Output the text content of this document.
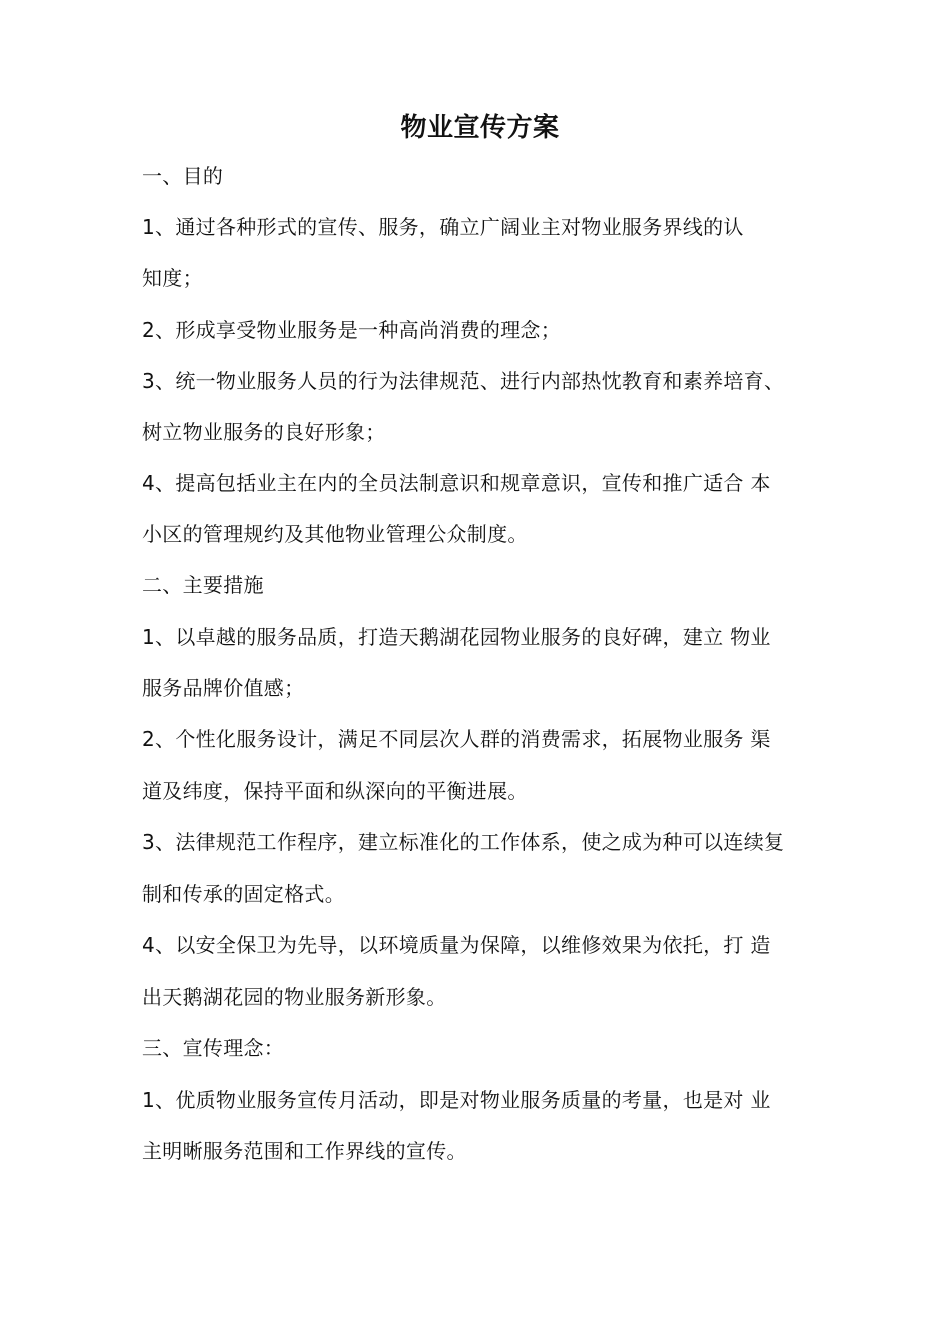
物业宣传方案
一、目的
1、通过各种形式的宣传、服务，确立广阔业主对物业服务界线的认
知度；
2、形成享受物业服务是一种高尚消费的理念；
3、统一物业服务人员的行为法律规范、进行内部热忱教育和素养培育、
树立物业服务的良好形象；
4、提高包括业主在内的全员法制意识和规章意识，宣传和推广适合 本
小区的管理规约及其他物业管理公众制度。
二、主要措施
1、以卓越的服务品质，打造天鹅湖花园物业服务的良好碑，建立 物业
服务品牌价值感；
2、个性化服务设计，满足不同层次人群的消费需求，拓展物业服务 渠
道及纬度，保持平面和纵深向的平衡进展。
3、法律规范工作程序，建立标准化的工作体系，使之成为种可以连续复
制和传承的固定格式。
4、以安全保卫为先导，以环境质量为保障，以维修效果为依托，打 造
出天鹅湖花园的物业服务新形象。
三、宣传理念：
1、优质物业服务宣传月活动，即是对物业服务质量的考量，也是对 业
主明晰服务范围和工作界线的宣传。
